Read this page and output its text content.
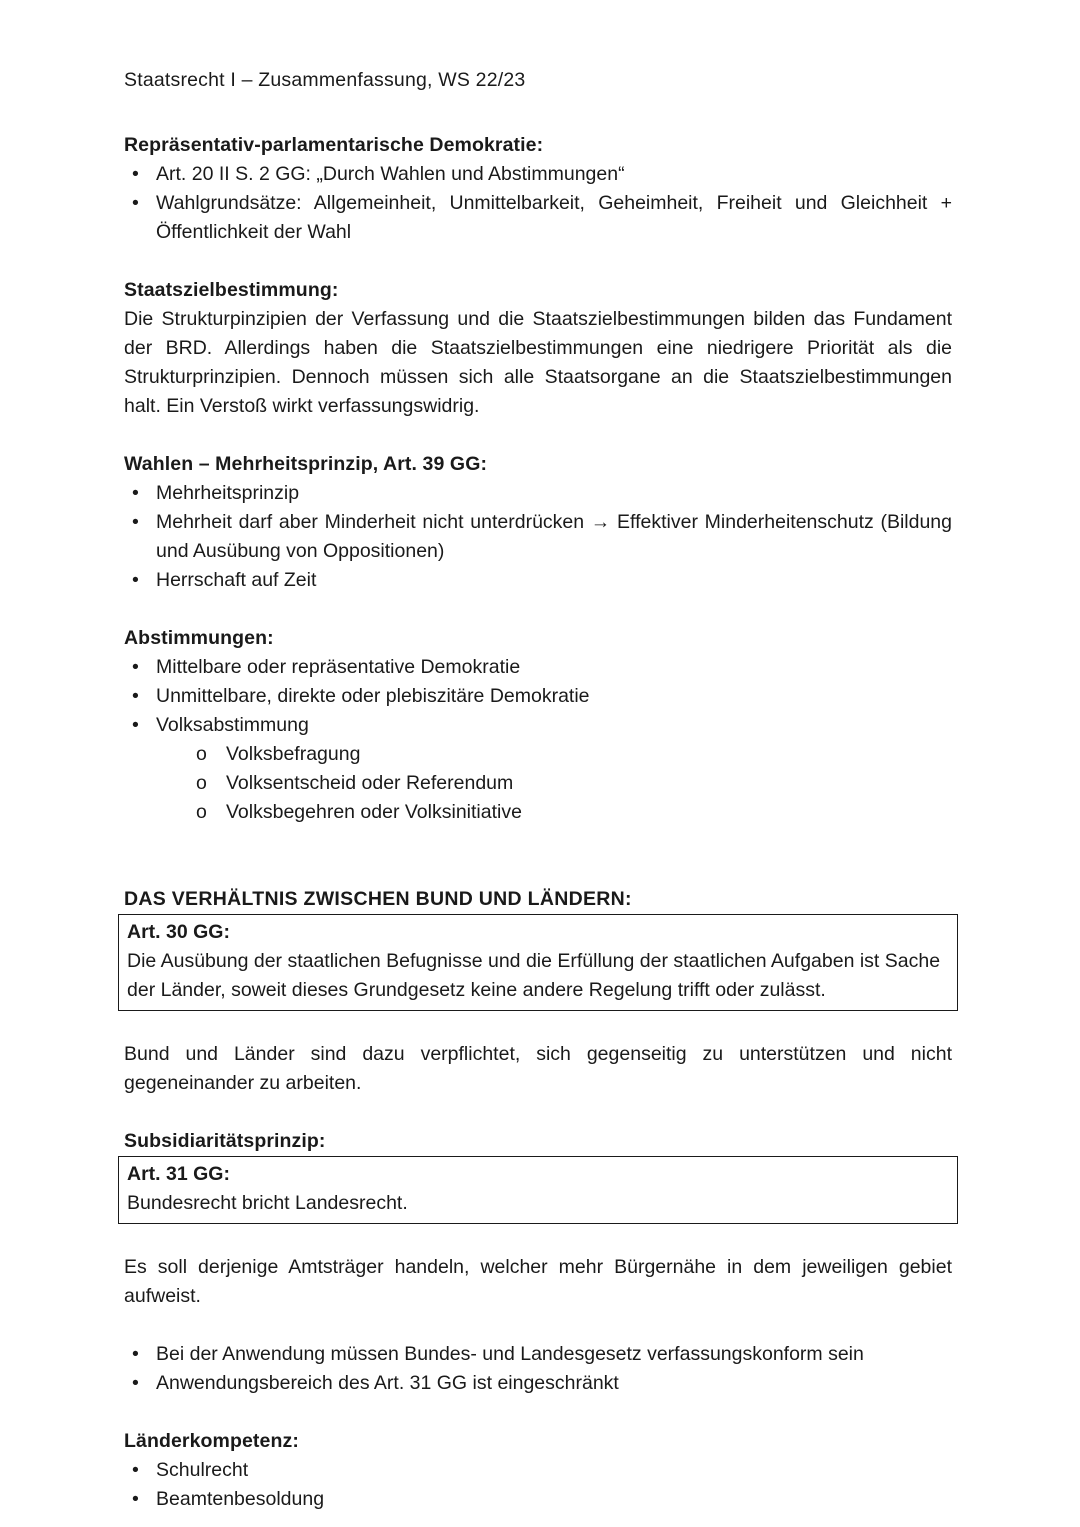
Staatsrecht I – Zusammenfassung, WS 22/23
Repräsentativ-parlamentarische Demokratie:
• Art. 20 II S. 2 GG: „Durch Wahlen und Abstimmungen“
• Wahlgrundsätze: Allgemeinheit, Unmittelbarkeit, Geheimheit, Freiheit und Gleichheit + Öffentlichkeit der Wahl
Staatszielbestimmung:

Die Strukturpinzipien der Verfassung und die Staatszielbestimmungen bilden das Fundament der BRD. Allerdings haben die Staatszielbestimmungen eine niedrigere Priorität als die Strukturprinzipien. Dennoch müssen sich alle Staatsorgane an die Staatszielbestimmungen halt. Ein Verstoß wirkt verfassungswidrig.

Wahlen – Mehrheitsprinzip, Art. 39 GG:
• Mehrheitsprinzip
• Mehrheit darf aber Minderheit nicht unterdrücken → Effektiver Minderheitenschutz (Bildung und Ausübung von Oppositionen)
• Herrschaft auf Zeit
Abstimmungen:
• Mittelbare oder repräsentative Demokratie
• Unmittelbare, direkte oder plebiszitäre Demokratie
• Volksabstimmung
o Volksbefragung
o Volksentscheid oder Referendum
o Volksbegehren oder Volksinitiative
DAS VERHÄLTNIS ZWISCHEN BUND UND LÄNDERN:
Art. 30 GG:
Die Ausübung der staatlichen Befugnisse und die Erfüllung der staatlichen Aufgaben ist Sache der Länder, soweit dieses Grundgesetz keine andere Regelung trifft oder zulässt.

Bund und Länder sind dazu verpflichtet, sich gegenseitig zu unterstützen und nicht gegeneinander zu arbeiten.

Subsidiaritätsprinzip:
Art. 31 GG:
Bundesrecht bricht Landesrecht.

Es soll derjenige Amtsträger handeln, welcher mehr Bürgernähe in dem jeweiligen gebiet aufweist.

• Bei der Anwendung müssen Bundes- und Landesgesetz verfassungskonform sein
• Anwendungsbereich des Art. 31 GG ist eingeschränkt
Länderkompetenz:
• Schulrecht
• Beamtenbesoldung
